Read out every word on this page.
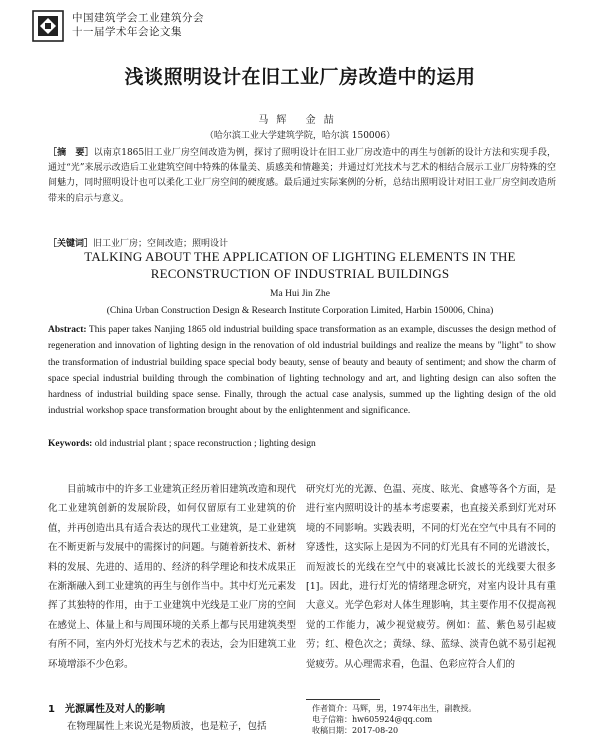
中国建筑学会工业建筑分会
十一届学术年会论文集
浅谈照明设计在旧工业厂房改造中的运用
马辉 金喆
（哈尔滨工业大学建筑学院，哈尔滨 150006）

［摘　要］以南京1865旧工业厂房空间改造为例，探讨了照明设计在旧工业厂房改造中的再生与创新的设计方法和实现手段，通过“光”来展示改造后工业建筑空间中特殊的体量美、质感美和情趣美；并通过灯光技术与艺术的相结合展示工业厂房特殊的空间魅力，同时照明设计也可以柔化工业厂房空间的硬度感。最后通过实际案例的分析，总结出照明设计对旧工业厂房空间改造所带来的启示与意义。

［关键词］旧工业厂房；空间改造；照明设计

TALKING ABOUT THE APPLICATION OF LIGHTING ELEMENTS IN THE RECONSTRUCTION OF INDUSTRIAL BUILDINGS
Ma Hui Jin Zhe
(China Urban Construction Design & Research Institute Corporation Limited, Harbin 150006, China)

Abstract: This paper takes Nanjing 1865 old industrial building space transformation as an example, discusses the design method of regeneration and innovation of lighting design in the renovation of old industrial buildings and realize the means by "light" to show the transformation of industrial building space special body beauty, sense of beauty and beauty of sentiment; and show the charm of space special industrial building through the combination of lighting technology and art, and lighting design can also soften the hardness of industrial building space sense. Finally, through the actual case analysis, summed up the lighting design of the old industrial workshop space transformation brought about by the enlightenment and significance.

Keywords: old industrial plant ; space reconstruction ; lighting design

目前城市中的许多工业建筑正经历着旧建筑改造和现代化工业建筑创新的发展阶段，如何仅留原有工业建筑的价值，并再创造出具有适合表达的现代工业建筑，是工业建筑在不断更新与发展中的需探讨的问题。与随着新技术、新材料的发展、先进的、适用的、经济的科学理论和技术成果正在渐渐融入到工业建筑的再生与创作当中。其中灯光元素发挥了其独特的作用，由于工业建筑中光线是工业厂房的空间在感觉上、体量上和与周围环境的关系上都与民用建筑类型有所不同，室内外灯光技术与艺术的表达，会为旧建筑工业环境增添不少色彩。

研究灯光的光源、色温、亮度、眩光、食感等各个方面，是进行室内照明设计的基本考虑要素，也直接关系到灯光对环境的不同影响。实践表明，不同的灯光在空气中具有不同的穿透性，这实际上是因为不同的灯光具有不同的光谱波长，而短波长的光线在空气中的衰减比长波长的光线要大很多[1]。因此，进行灯光的情绪理念研究，对室内设计具有重大意义。光学色彩对人体生理影响，其主要作用不仅提高视觉的工作能力，减少视觉疲劳。例如：蓝、紫色易引起疲劳；红、橙色次之；黄绿、绿、蓝绿、淡青色就不易引起视觉疲劳。从心理需求看，色温、色彩应符合人们的

1　光源属性及对人的影响

在物理属性上来说光是物质波，也是粒子，包括

作者简介：马辉，男，1974年出生，副教授。
电子信箱：hw605924@qq.com
收稿日期：2017-08-20
